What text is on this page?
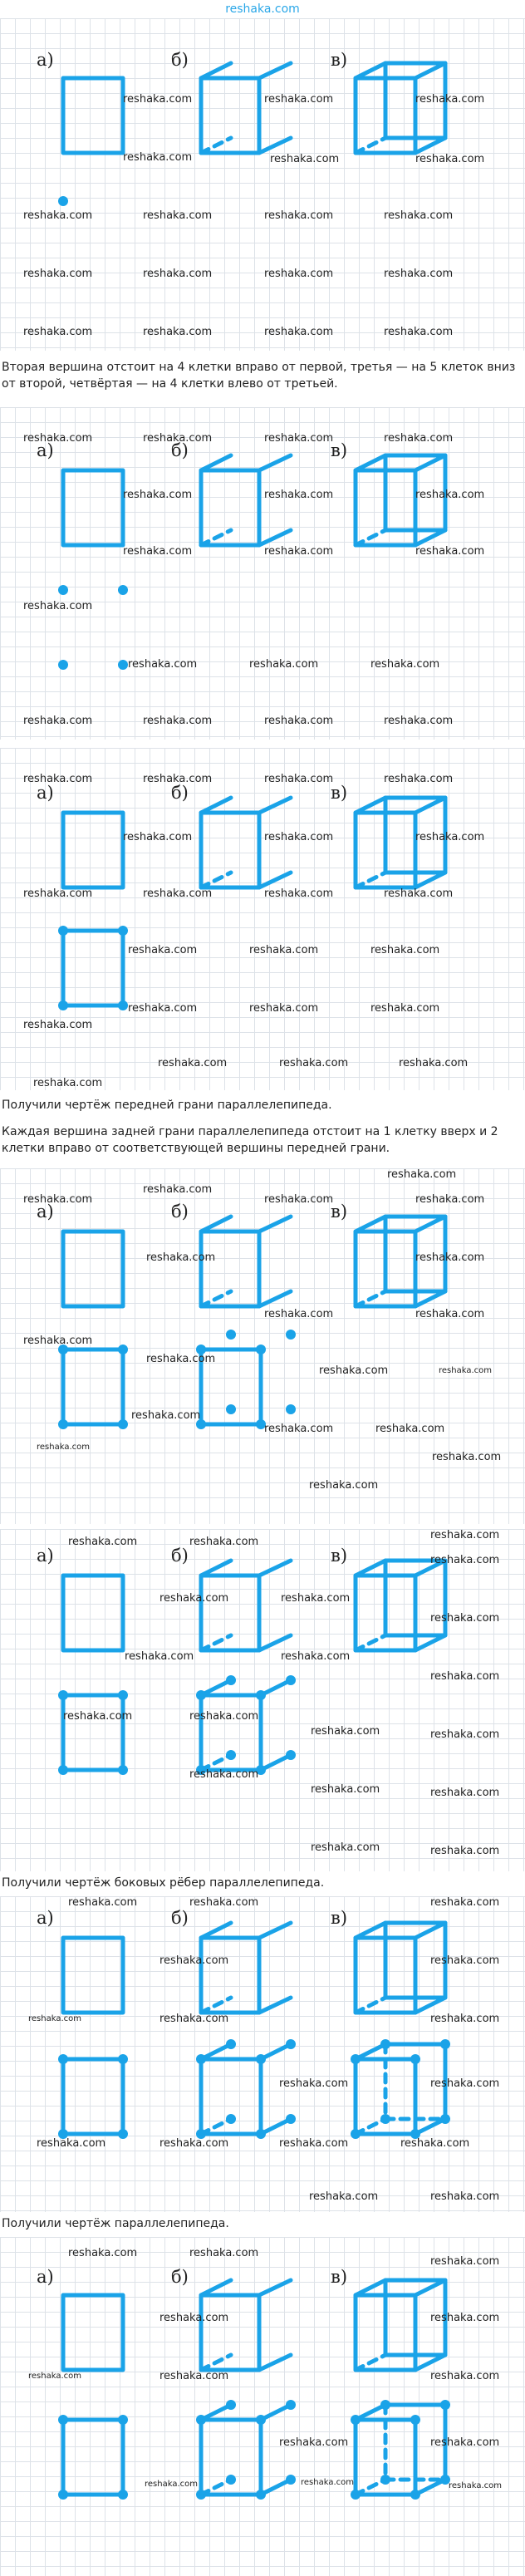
reshaka.com
а)	б)	в)
reshaka.com	reshaka.com	reshaka.com
reshaka.com	reshaka.com	reshaka.com
reshaka.com	reshaka.com	reshaka.com	reshaka.com
reshaka.com	reshaka.com	reshaka.com	reshaka.com
reshaka.com	reshaka.com	reshaka.com	reshaka.com
Вторая вершина отстоит на 4 клетки вправо от первой, третья — на 5 клеток вниз от второй, четвёртая — на 4 клетки влево от третьей.
а)	б)	в)
reshaka.com	reshaka.com	reshaka.com	reshaka.com
reshaka.com	reshaka.com	reshaka.com
reshaka.com	reshaka.com	reshaka.com
reshaka.com
reshaka.com	reshaka.com	reshaka.com
reshaka.com	reshaka.com	reshaka.com	reshaka.com
а)	б)	в)
reshaka.com	reshaka.com	reshaka.com	reshaka.com
reshaka.com	reshaka.com	reshaka.com
reshaka.com	reshaka.com	reshaka.com	reshaka.com
reshaka.com	reshaka.com	reshaka.com
reshaka.com	reshaka.com	reshaka.com
reshaka.com
reshaka.com	reshaka.com	reshaka.com
reshaka.com
Получили чертёж передней грани параллелепипеда.
Каждая вершина задней грани параллелепипеда отстоит на 1 клетку вверх и 2 клетки вправо от соответствующей вершины передней грани.
а)	б)	в)
reshaka.com
reshaka.com
reshaka.com
reshaka.com	reshaka.com
reshaka.com	reshaka.com
reshaka.com
reshaka.com	reshaka.com
reshaka.com
reshaka.com	reshaka.com
reshaka.com
reshaka.com	reshaka.com
reshaka.com
reshaka.com
reshaka.com
а)	б)	в)
reshaka.com
reshaka.com	reshaka.com
reshaka.com
reshaka.com	reshaka.com
reshaka.com
reshaka.com	reshaka.com
reshaka.com
reshaka.com	reshaka.com
reshaka.com	reshaka.com
reshaka.com
reshaka.com	reshaka.com
reshaka.com	reshaka.com
Получили чертёж боковых рёбер параллелепипеда.
а)	б)	в)
reshaka.com	reshaka.com	reshaka.com
reshaka.com	reshaka.com
reshaka.com	reshaka.com	reshaka.com
reshaka.com	reshaka.com
reshaka.com	reshaka.com	reshaka.com	reshaka.com
reshaka.com	reshaka.com
Получили чертёж параллелепипеда.
а)	б)	в)
reshaka.com	reshaka.com
reshaka.com
reshaka.com	reshaka.com
reshaka.com	reshaka.com	reshaka.com
reshaka.com	reshaka.com
reshaka.com	reshaka.com	reshaka.com
